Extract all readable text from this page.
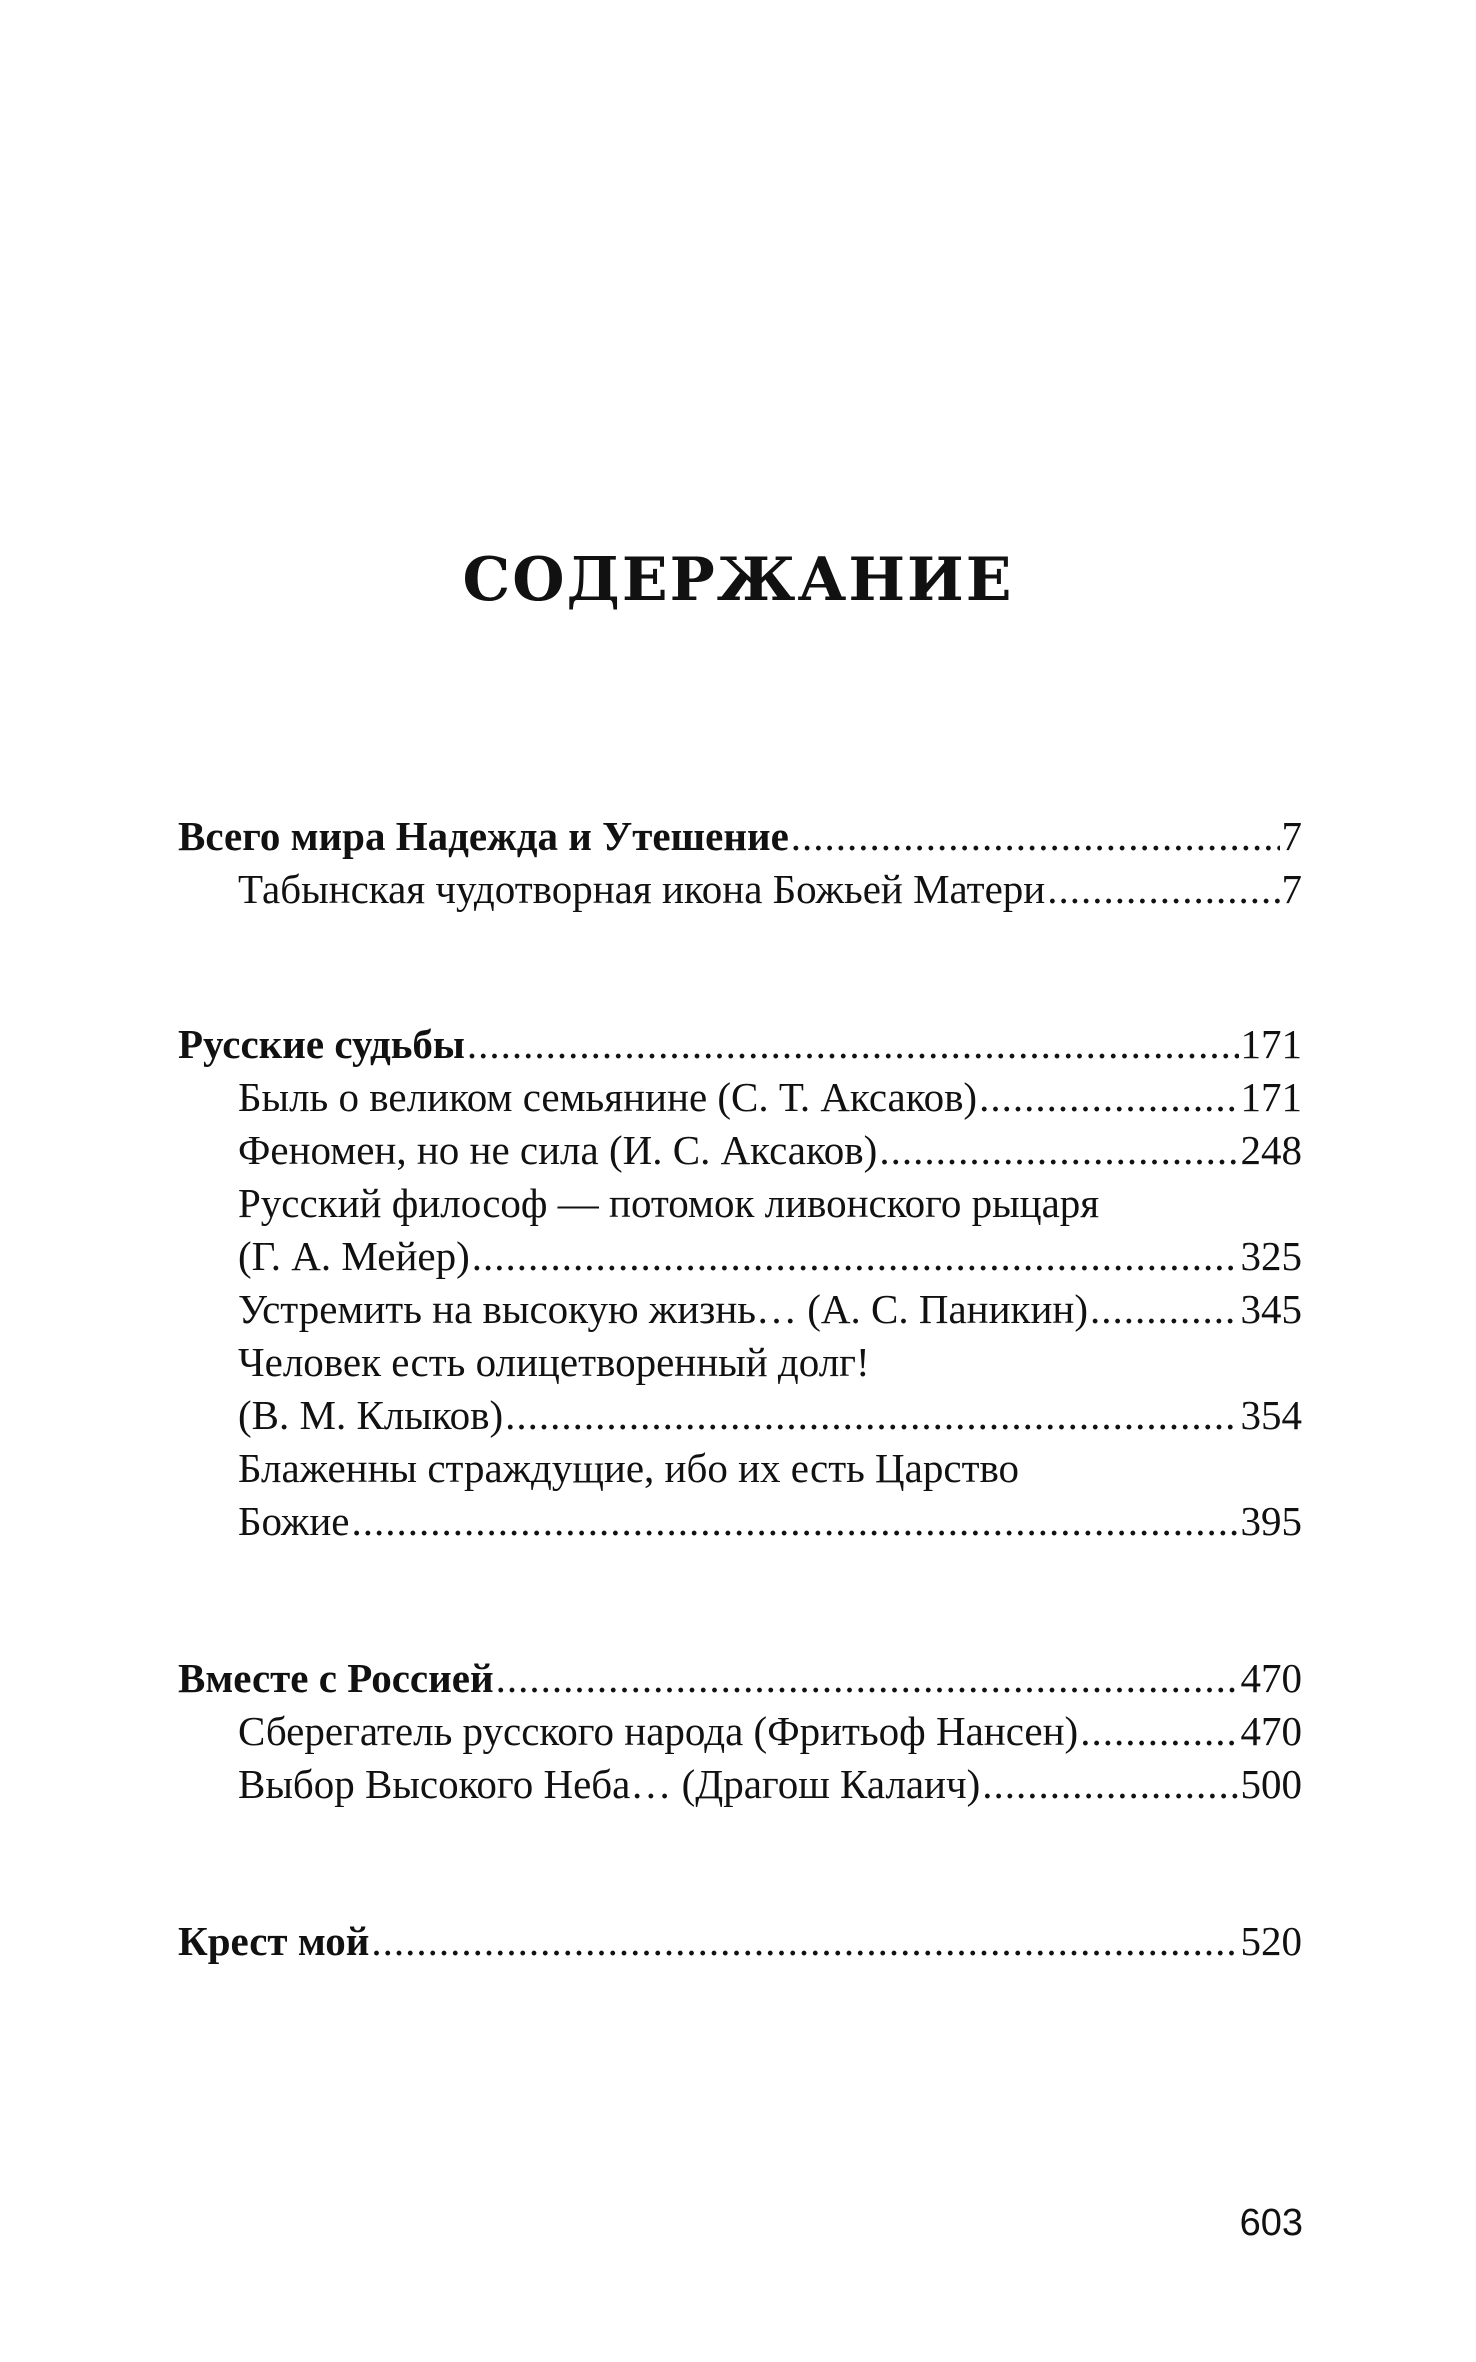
СОДЕРЖАНИЕ
Всего мира Надежда и Утешение .....	7
Табынская чудотворная икона Божьей Матери .....	7
Русские судьбы .....	171
Быль о великом семьянине (С. Т. Аксаков) .....	171
Феномен, но не сила (И. С. Аксаков) .....	248
Русский философ — потомок ливонского рыцаря
(Г. А. Мейер) .....	325
Устремить на высокую жизнь… (А. С. Паникин) .....	345
Человек есть олицетворенный долг!
(В. М. Клыков) .....	354
Блаженны страждущие, ибо их есть Царство
Божие .....	395
Вместе с Россией .....	470
Сберегатель русского народа (Фритьоф Нансен) .....	470
Выбор Высокого Неба… (Драгош Калаич) .....	500
Крест мой .....	520
603
